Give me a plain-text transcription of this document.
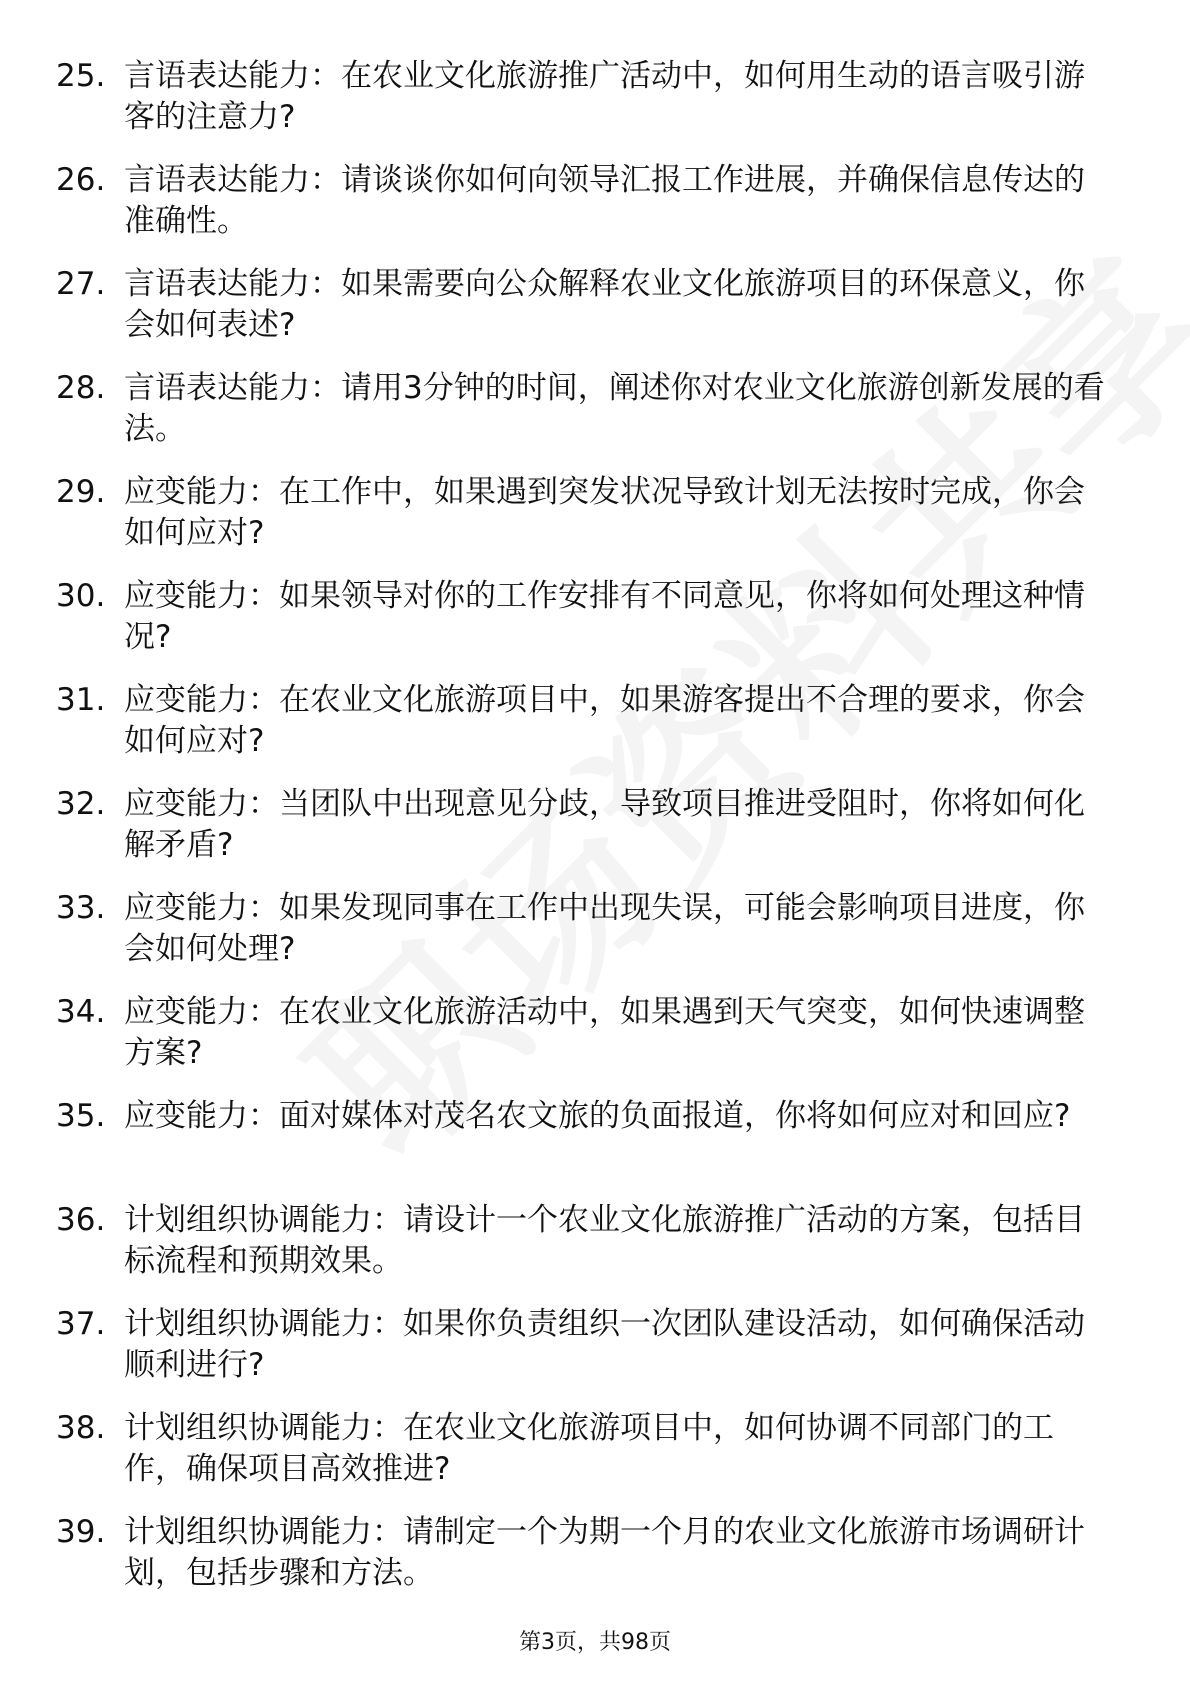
25. 言语表达能力：在农业文化旅游推广活动中，如何用生动的语言吸引游客的注意力?
26. 言语表达能力：请谈谈你如何向领导汇报工作进展，并确保信息传达的准确性。
27. 言语表达能力：如果需要向公众解释农业文化旅游项目的环保意义，你会如何表述?
28. 言语表达能力：请用3分钟的时间，阐述你对农业文化旅游创新发展的看法。
29. 应变能力：在工作中，如果遇到突发状况导致计划无法按时完成，你会如何应对?
30. 应变能力：如果领导对你的工作安排有不同意见，你将如何处理这种情况?
31. 应变能力：在农业文化旅游项目中，如果游客提出不合理的要求，你会如何应对?
32. 应变能力：当团队中出现意见分歧，导致项目推进受阻时，你将如何化解矛盾?
33. 应变能力：如果发现同事在工作中出现失误，可能会影响项目进度，你会如何处理?
34. 应变能力：在农业文化旅游活动中，如果遇到天气突变，如何快速调整方案?
35. 应变能力：面对媒体对茂名农文旅的负面报道，你将如何应对和回应?
36. 计划组织协调能力：请设计一个农业文化旅游推广活动的方案，包括目标流程和预期效果。
37. 计划组织协调能力：如果你负责组织一次团队建设活动，如何确保活动顺利进行?
38. 计划组织协调能力：在农业文化旅游项目中，如何协调不同部门的工作，确保项目高效推进?
39. 计划组织协调能力：请制定一个为期一个月的农业文化旅游市场调研计划，包括步骤和方法。
第3页，共98页
